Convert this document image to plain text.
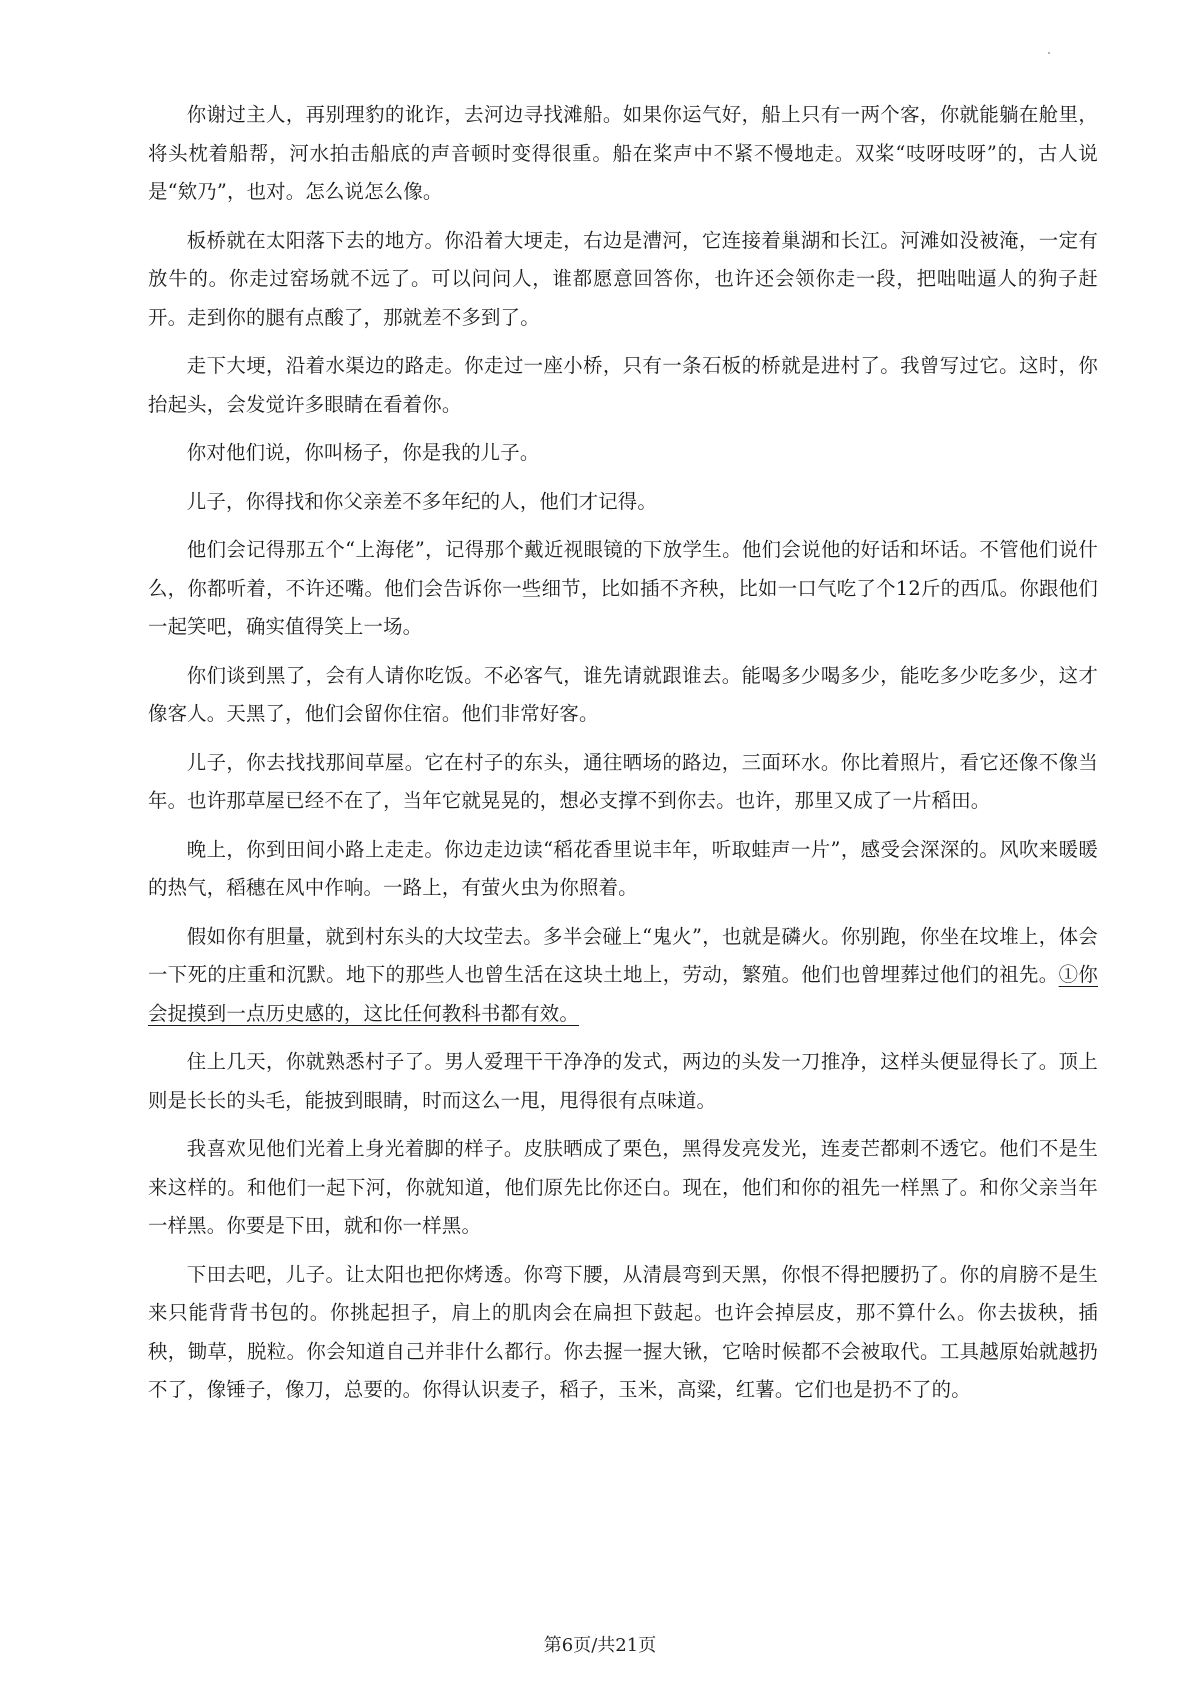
你谢过主人，再别理豹的讹诈，去河边寻找滩船。如果你运气好，船上只有一两个客，你就能躺在舱里，将头枕着船帮，河水拍击船底的声音顿时变得很重。船在桨声中不紧不慢地走。双桨“吱呀吱呀”的，古人说是“欸乃”，也对。怎么说怎么像。

板桥就在太阳落下去的地方。你沿着大埂走，右边是漕河，它连接着巢湖和长江。河滩如没被淹，一定有放牛的。你走过窑场就不远了。可以问问人，谁都愿意回答你，也许还会领你走一段，把咄咄逼人的狗子赶开。走到你的腿有点酸了，那就差不多到了。

走下大埂，沿着水渠边的路走。你走过一座小桥，只有一条石板的桥就是进村了。我曾写过它。这时，你抬起头，会发觉许多眼睛在看着你。

你对他们说，你叫杨子，你是我的儿子。

儿子，你得找和你父亲差不多年纪的人，他们才记得。

他们会记得那五个“上海佬”，记得那个戴近视眼镜的下放学生。他们会说他的好话和坏话。不管他们说什么，你都听着，不许还嘴。他们会告诉你一些细节，比如插不齐秧，比如一口气吃了个12斤的西瓜。你跟他们一起笑吧，确实值得笑上一场。

你们谈到黑了，会有人请你吃饭。不必客气，谁先请就跟谁去。能喝多少喝多少，能吃多少吃多少，这才像客人。天黑了，他们会留你住宿。他们非常好客。

儿子，你去找找那间草屋。它在村子的东头，通往晒场的路边，三面环水。你比着照片，看它还像不像当年。也许那草屋已经不在了，当年它就晃晃的，想必支撑不到你去。也许，那里又成了一片稻田。

晚上，你到田间小路上走走。你边走边读“稻花香里说丰年，听取蛙声一片”，感受会深深的。风吹来暖暖的热气，稻穗在风中作响。一路上，有萤火虫为你照着。

假如你有胆量，就到村东头的大坟茔去。多半会碰上“鬼火”，也就是磷火。你别跑，你坐在坟堆上，体会一下死的庄重和沉默。地下的那些人也曾生活在这块土地上，劳动，繁殖。他们也曾埋葬过他们的祖先。①你会捉摸到一点历史感的，这比任何教科书都有效。

住上几天，你就熟悉村子了。男人爱理干干净净的发式，两边的头发一刀推净，这样头便显得长了。顶上则是长长的头毛，能披到眼睛，时而这么一甩，甩得很有点味道。

我喜欢见他们光着上身光着脚的样子。皮肤晒成了栗色，黑得发亮发光，连麦芒都刺不透它。他们不是生来这样的。和他们一起下河，你就知道，他们原先比你还白。现在，他们和你的祖先一样黑了。和你父亲当年一样黑。你要是下田，就和你一样黑。

下田去吧，儿子。让太阳也把你烤透。你弯下腰，从清晨弯到天黑，你恨不得把腰扔了。你的肩膀不是生来只能背背书包的。你挑起担子，肩上的肌肉会在扁担下鼓起。也许会掉层皮，那不算什么。你去拔秧，插秧，锄草，脱粒。你会知道自己并非什么都行。你去握一握大锹，它啥时候都不会被取代。工具越原始就越扔不了，像锤子，像刀，总要的。你得认识麦子，稻子，玉米，高粱，红薯。它们也是扔不了的。

第6页/共21页
